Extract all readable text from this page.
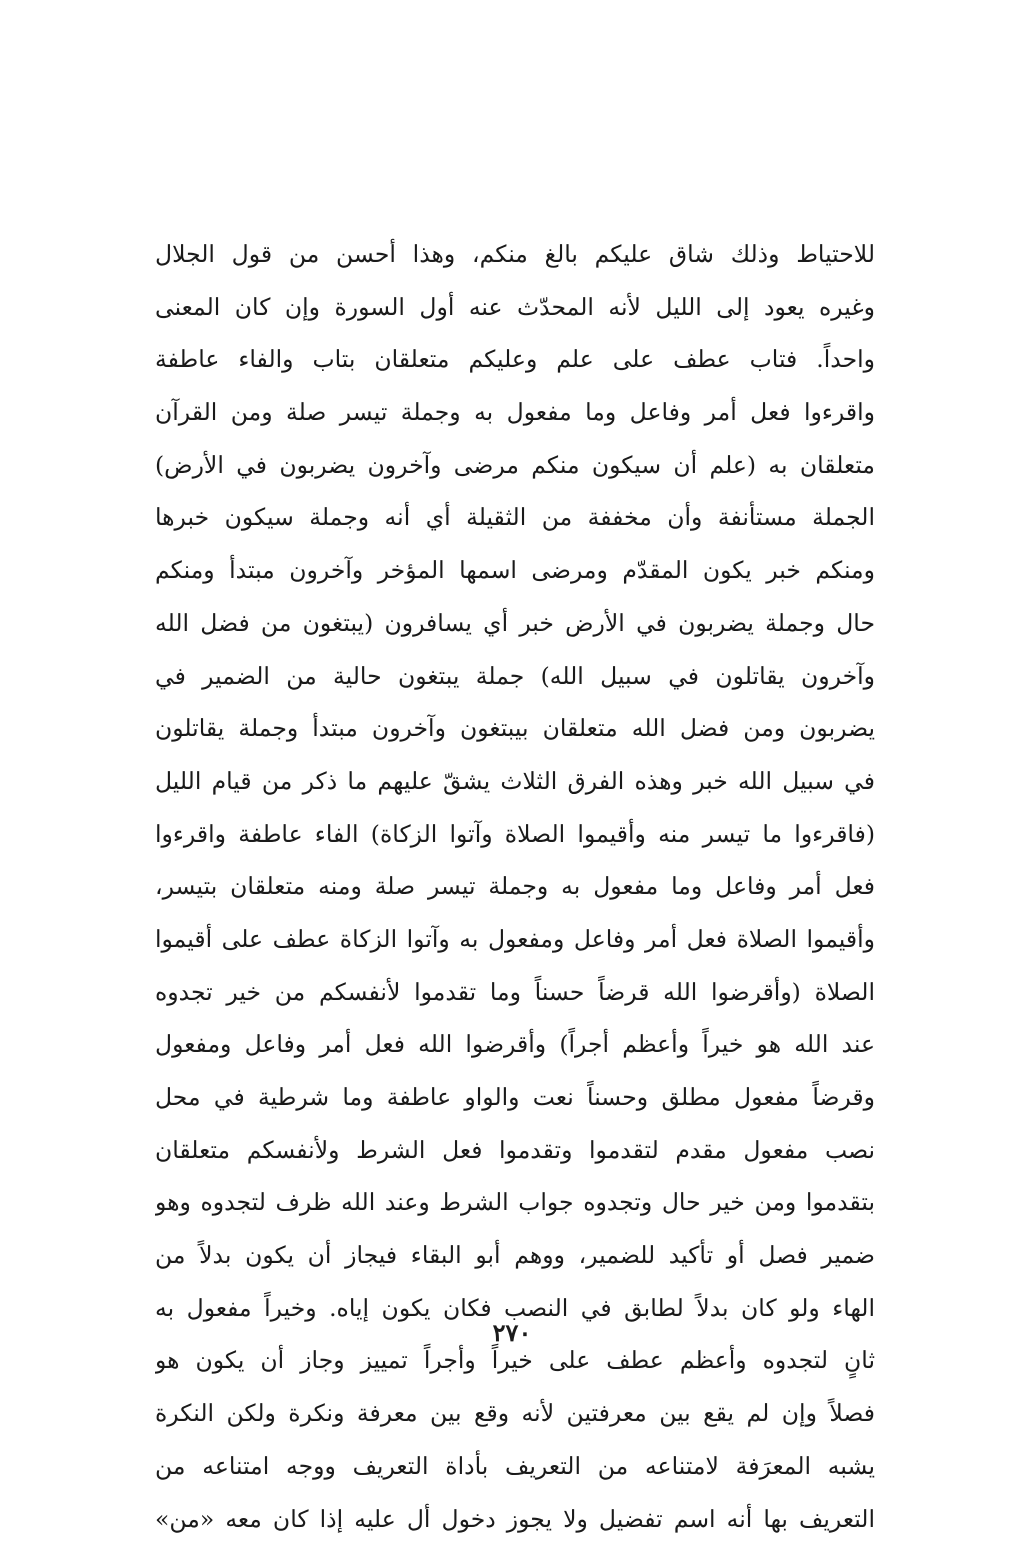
للاحتياط وذلك شاق عليكم بالغ منكم، وهذا أحسن من قول الجلال
وغيره يعود إلى الليل لأنه المحدّث عنه أول السورة وإن كان المعنى
واحداً. فتاب عطف على علم وعليكم متعلقان بتاب والفاء عاطفة
واقرءوا فعل أمر وفاعل وما مفعول به وجملة تيسر صلة ومن القرآن
متعلقان به (علم أن سيكون منكم مرضى وآخرون يضربون في الأرض)
الجملة مستأنفة وأن مخففة من الثقيلة أي أنه وجملة سيكون خبرها
ومنكم خبر يكون المقدّم ومرضى اسمها المؤخر وآخرون مبتدأ ومنكم
حال وجملة يضربون في الأرض خبر أي يسافرون (يبتغون من فضل الله
وآخرون يقاتلون في سبيل الله) جملة يبتغون حالية من الضمير في
يضربون ومن فضل الله متعلقان بيبتغون وآخرون مبتدأ وجملة يقاتلون
في سبيل الله خبر وهذه الفرق الثلاث يشقّ عليهم ما ذكر من قيام الليل
(فاقرءوا ما تيسر منه وأقيموا الصلاة وآتوا الزكاة) الفاء عاطفة واقرءوا
فعل أمر وفاعل وما مفعول به وجملة تيسر صلة ومنه متعلقان بتيسر،
وأقيموا الصلاة فعل أمر وفاعل ومفعول به وآتوا الزكاة عطف على أقيموا
الصلاة (وأقرضوا الله قرضاً حسناً وما تقدموا لأنفسكم من خير تجدوه
عند الله هو خيراً وأعظم أجراً) وأقرضوا الله فعل أمر وفاعل ومفعول
وقرضاً مفعول مطلق وحسناً نعت والواو عاطفة وما شرطية في محل
نصب مفعول مقدم لتقدموا وتقدموا فعل الشرط ولأنفسكم متعلقان
بتقدموا ومن خير حال وتجدوه جواب الشرط وعند الله ظرف لتجدوه وهو
ضمير فصل أو تأكيد للضمير، ووهم أبو البقاء فيجاز أن يكون بدلاً من
الهاء ولو كان بدلاً لطابق في النصب فكان يكون إياه. وخيراً مفعول به
ثانٍ لتجدوه وأعظم عطف على خيراً وأجراً تمييز وجاز أن يكون هو
فصلاً وإن لم يقع بين معرفتين لأنه وقع بين معرفة ونكرة ولكن النكرة
يشبه المعرَفة لامتناعه من التعريف بأداة التعريف ووجه امتناعه من
التعريف بها أنه اسم تفضيل ولا يجوز دخول أل عليه إذا كان معه «من»
٢٧٠
